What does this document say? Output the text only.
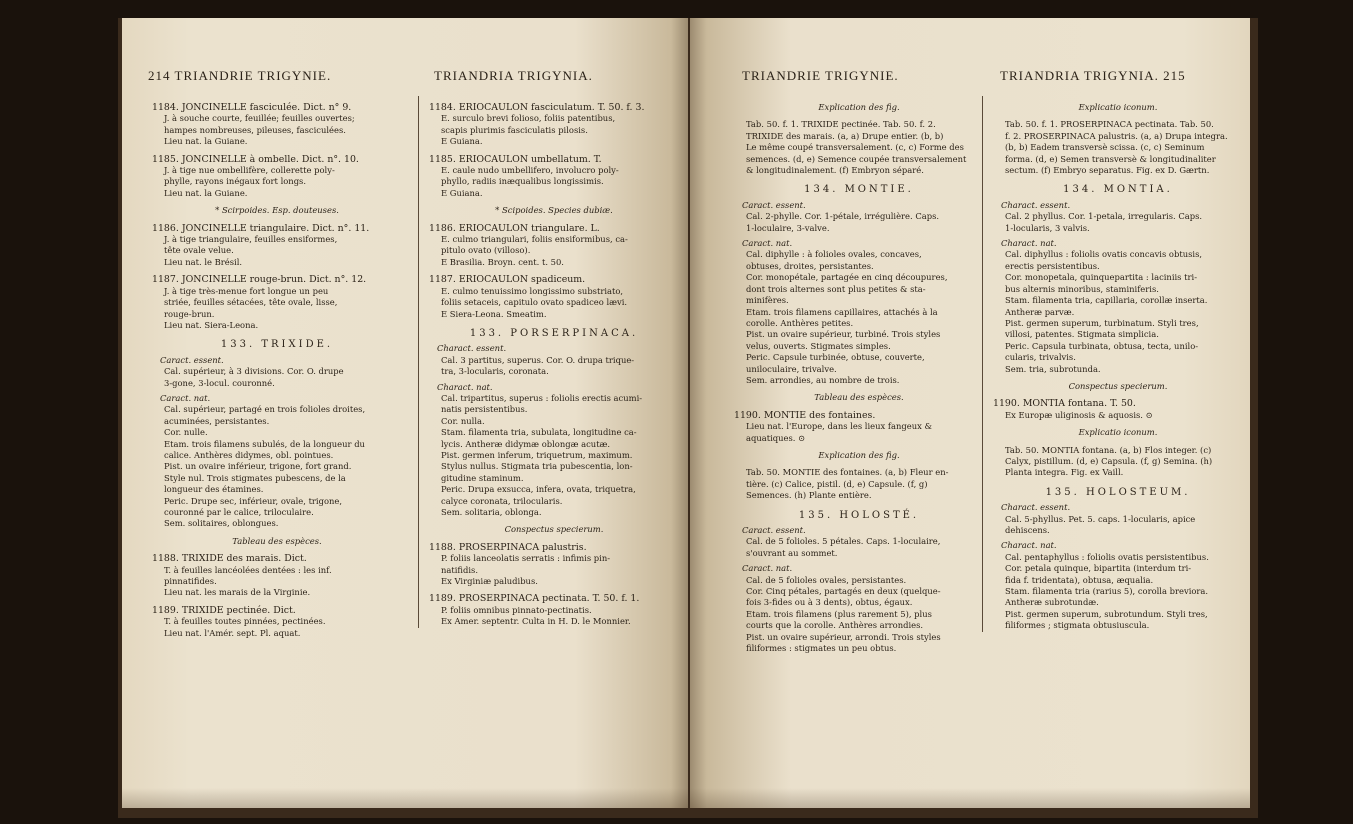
214 TRIANDRIE TRIGYNIE.	TRIANDRIA TRIGYNIA.
1184. JONCINELLE fasciculée. Dict. n° 9.
J. à souche courte, feuillée; feuilles ouvertes;
hampes nombreuses, pileuses, fasciculées.
Lieu nat. la Guiane.
1185. JONCINELLE à ombelle. Dict. n°. 10.
J. à tige nue ombellifère, collerette poly-
phylle, rayons inégaux fort longs.
Lieu nat. la Guiane.
* Scirpoides. Esp. douteuses.
1186. JONCINELLE triangulaire. Dict. n°. 11.
J. à tige triangulaire, feuilles ensiformes,
tête ovale velue.
Lieu nat. le Brésil.
1187. JONCINELLE rouge-brun. Dict. n°. 12.
J. à tige très-menue fort longue un peu
striée, feuilles sétacées, tête ovale, lisse,
rouge-brun.
Lieu nat. Siera-Leona.
133. TRIXIDE.
Caract. essent.
Cal. supérieur, à 3 divisions. Cor. O. drupe
3-gone, 3-locul. couronné.
Caract. nat.
Cal. supérieur, partagé en trois folioles droites,
acuminées, persistantes.
Cor. nulle.
Etam. trois filamens subulés, de la longueur du
calice. Anthères didymes, obl. pointues.
Pist. un ovaire inférieur, trigone, fort grand.
Style nul. Trois stigmates pubescens, de la
longueur des étamines.
Peric. Drupe sec, inférieur, ovale, trigone,
couronné par le calice, triloculaire.
Sem. solitaires, oblongues.
Tableau des espèces.
1188. TRIXIDE des marais. Dict.
T. à feuilles lancéolées dentées : les inf.
pinnatifides.
Lieu nat. les marais de la Virginie.
1189. TRIXIDE pectinée. Dict.
T. à feuilles toutes pinnées, pectinées.
Lieu nat. l'Amér. sept. Pl. aquat.
1184. ERIOCAULON fasciculatum. T. 50. f. 3.
E. surculo brevi folioso, foliis patentibus,
scapis plurimis fasciculatis pilosis.
E Guiana.
1185. ERIOCAULON umbellatum. T.
E. caule nudo umbellifero, involucro poly-
phyllo, radiis inæqualibus longissimis.
E Guiana.
* Scipoides. Species dubiæ.
1186. ERIOCAULON triangulare. L.
E. culmo triangulari, foliis ensiformibus, ca-
pitulo ovato (villoso).
E Brasilia. Broyn. cent. t. 50.
1187. ERIOCAULON spadiceum.
E. culmo tenuissimo longissimo substriato,
foliis setaceis, capitulo ovato spadiceo lævi.
E Siera-Leona. Smeatim.
133. PORSERPINACA.
Charact. essent.
Cal. 3 partitus, superus. Cor. O. drupa trique-
tra, 3-locularis, coronata.
Charact. nat.
Cal. tripartitus, superus : foliolis erectis acumi-
natis persistentibus.
Cor. nulla.
Stam. filamenta tria, subulata, longitudine ca-
lycis. Antheræ didymæ oblongæ acutæ.
Pist. germen inferum, triquetrum, maximum.
Stylus nullus. Stigmata tria pubescentia, lon-
gitudine staminum.
Peric. Drupa exsucca, infera, ovata, triquetra,
calyce coronata, trilocularis.
Sem. solitaria, oblonga.
Conspectus specierum.
1188. PROSERPINACA palustris.
P. foliis lanceolatis serratis : infimis pin-
natifidis.
Ex Virginiæ paludibus.
1189. PROSERPINACA pectinata. T. 50. f. 1.
P. foliis omnibus pinnato-pectinatis.
Ex Amer. septentr. Culta in H. D. le Monnier.
TRIANDRIE TRIGYNIE.	TRIANDRIA TRIGYNIA. 215
Explication des fig.
Tab. 50. f. 1. TRIXIDE pectinée. Tab. 50. f. 2.
TRIXIDE des marais. (a, a) Drupe entier. (b, b)
Le même coupé transversalement. (c, c) Forme des
semences. (d, e) Semence coupée transversalement
& longitudinalement. (f) Embryon séparé.
134. MONTIE.
Caract. essent.
Cal. 2-phylle. Cor. 1-pétale, irrégulière. Caps.
1-loculaire, 3-valve.
Caract. nat.
Cal. diphylle : à folioles ovales, concaves,
obtuses, droites, persistantes.
Cor. monopétale, partagée en cinq découpures,
dont trois alternes sont plus petites & sta-
minifères.
Etam. trois filamens capillaires, attachés à la
corolle. Anthères petites.
Pist. un ovaire supérieur, turbiné. Trois styles
velus, ouverts. Stigmates simples.
Peric. Capsule turbinée, obtuse, couverte,
uniloculaire, trivalve.
Sem. arrondies, au nombre de trois.
Tableau des espèces.
1190. MONTIE des fontaines.
Lieu nat. l'Europe, dans les lieux fangeux &
aquatiques. ⊙
Explication des fig.
Tab. 50. MONTIE des fontaines. (a, b) Fleur en-
tière. (c) Calice, pistil. (d, e) Capsule. (f, g)
Semences. (h) Plante entière.
135. HOLOSTÉ.
Caract. essent.
Cal. de 5 folioles. 5 pétales. Caps. 1-loculaire,
s'ouvrant au sommet.
Caract. nat.
Cal. de 5 folioles ovales, persistantes.
Cor. Cinq pétales, partagés en deux (quelque-
fois 3-fides ou à 3 dents), obtus, égaux.
Etam. trois filamens (plus rarement 5), plus
courts que la corolle. Anthères arrondies.
Pist. un ovaire supérieur, arrondi. Trois styles
filiformes : stigmates un peu obtus.
Explicatio iconum.
Tab. 50. f. 1. PROSERPINACA pectinata. Tab. 50.
f. 2. PROSERPINACA palustris. (a, a) Drupa integra.
(b, b) Eadem transversè scissa. (c, c) Seminum
forma. (d, e) Semen transversè & longitudinaliter
sectum. (f) Embryo separatus. Fig. ex D. Gærtn.
134. MONTIA.
Charact. essent.
Cal. 2 phyllus. Cor. 1-petala, irregularis. Caps.
1-locularis, 3 valvis.
Charact. nat.
Cal. diphyllus : foliolis ovatis concavis obtusis,
erectis persistentibus.
Cor. monopetala, quinquepartita : laciniis tri-
bus alternis minoribus, staminiferis.
Stam. filamenta tria, capillaria, corollæ inserta.
Antheræ parvæ.
Pist. germen superum, turbinatum. Styli tres,
villosi, patentes. Stigmata simplicia.
Peric. Capsula turbinata, obtusa, tecta, unilo-
cularis, trivalvis.
Sem. tria, subrotunda.
Conspectus specierum.
1190. MONTIA fontana. T. 50.
Ex Europæ uliginosis & aquosis. ⊙
Explicatio iconum.
Tab. 50. MONTIA fontana. (a, b) Flos integer. (c)
Calyx, pistillum. (d, e) Capsula. (f, g) Semina. (h)
Planta integra. Fig. ex Vaill.
135. HOLOSTEUM.
Charact. essent.
Cal. 5-phyllus. Pet. 5. caps. 1-locularis, apice
dehiscens.
Charact. nat.
Cal. pentaphyllus : foliolis ovatis persistentibus.
Cor. petala quinque, bipartita (interdum tri-
fida f. tridentata), obtusa, æqualia.
Stam. filamenta tria (rarius 5), corolla breviora.
Antheræ subrotundæ.
Pist. germen superum, subrotundum. Styli tres,
filiformes ; stigmata obtusiuscula.
